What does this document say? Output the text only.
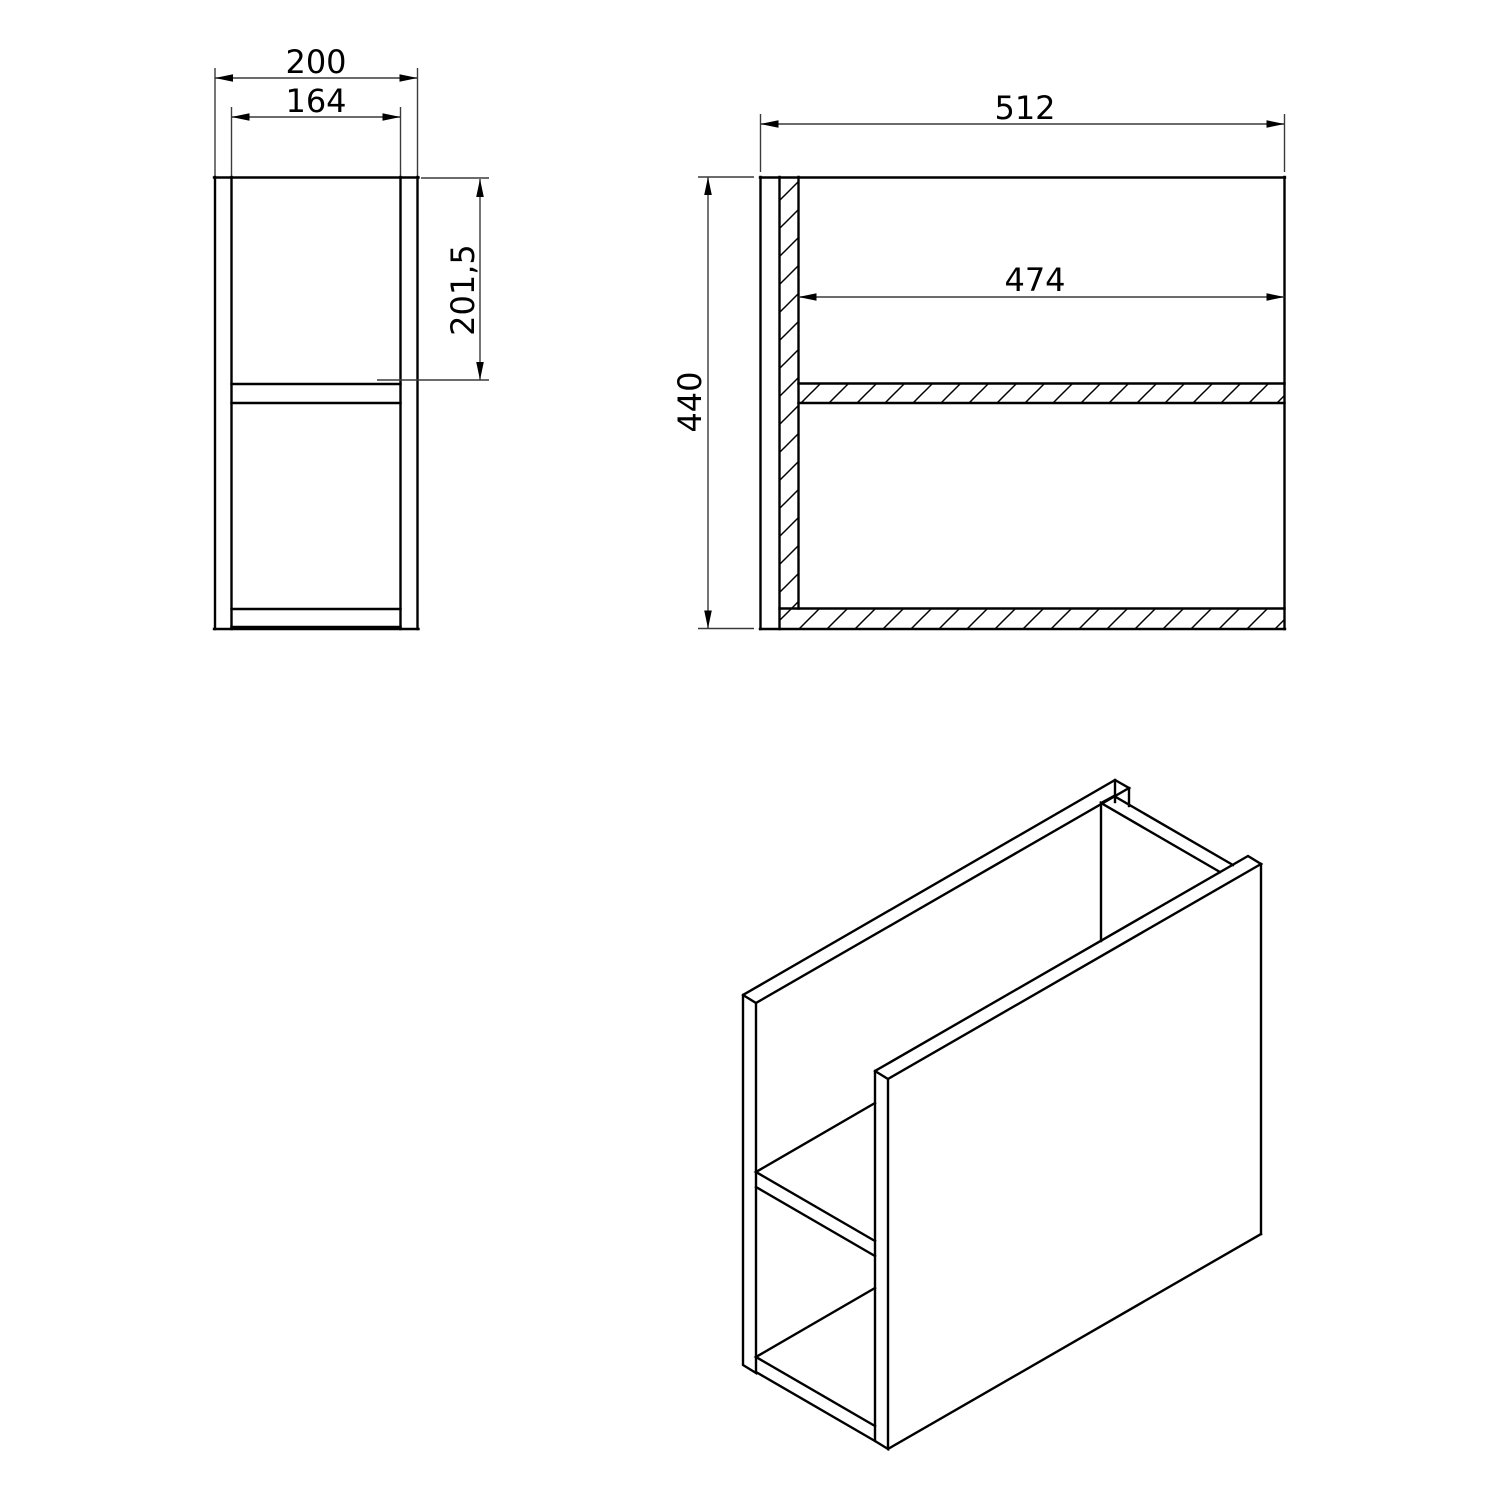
200
164
201,5
512
474
440
